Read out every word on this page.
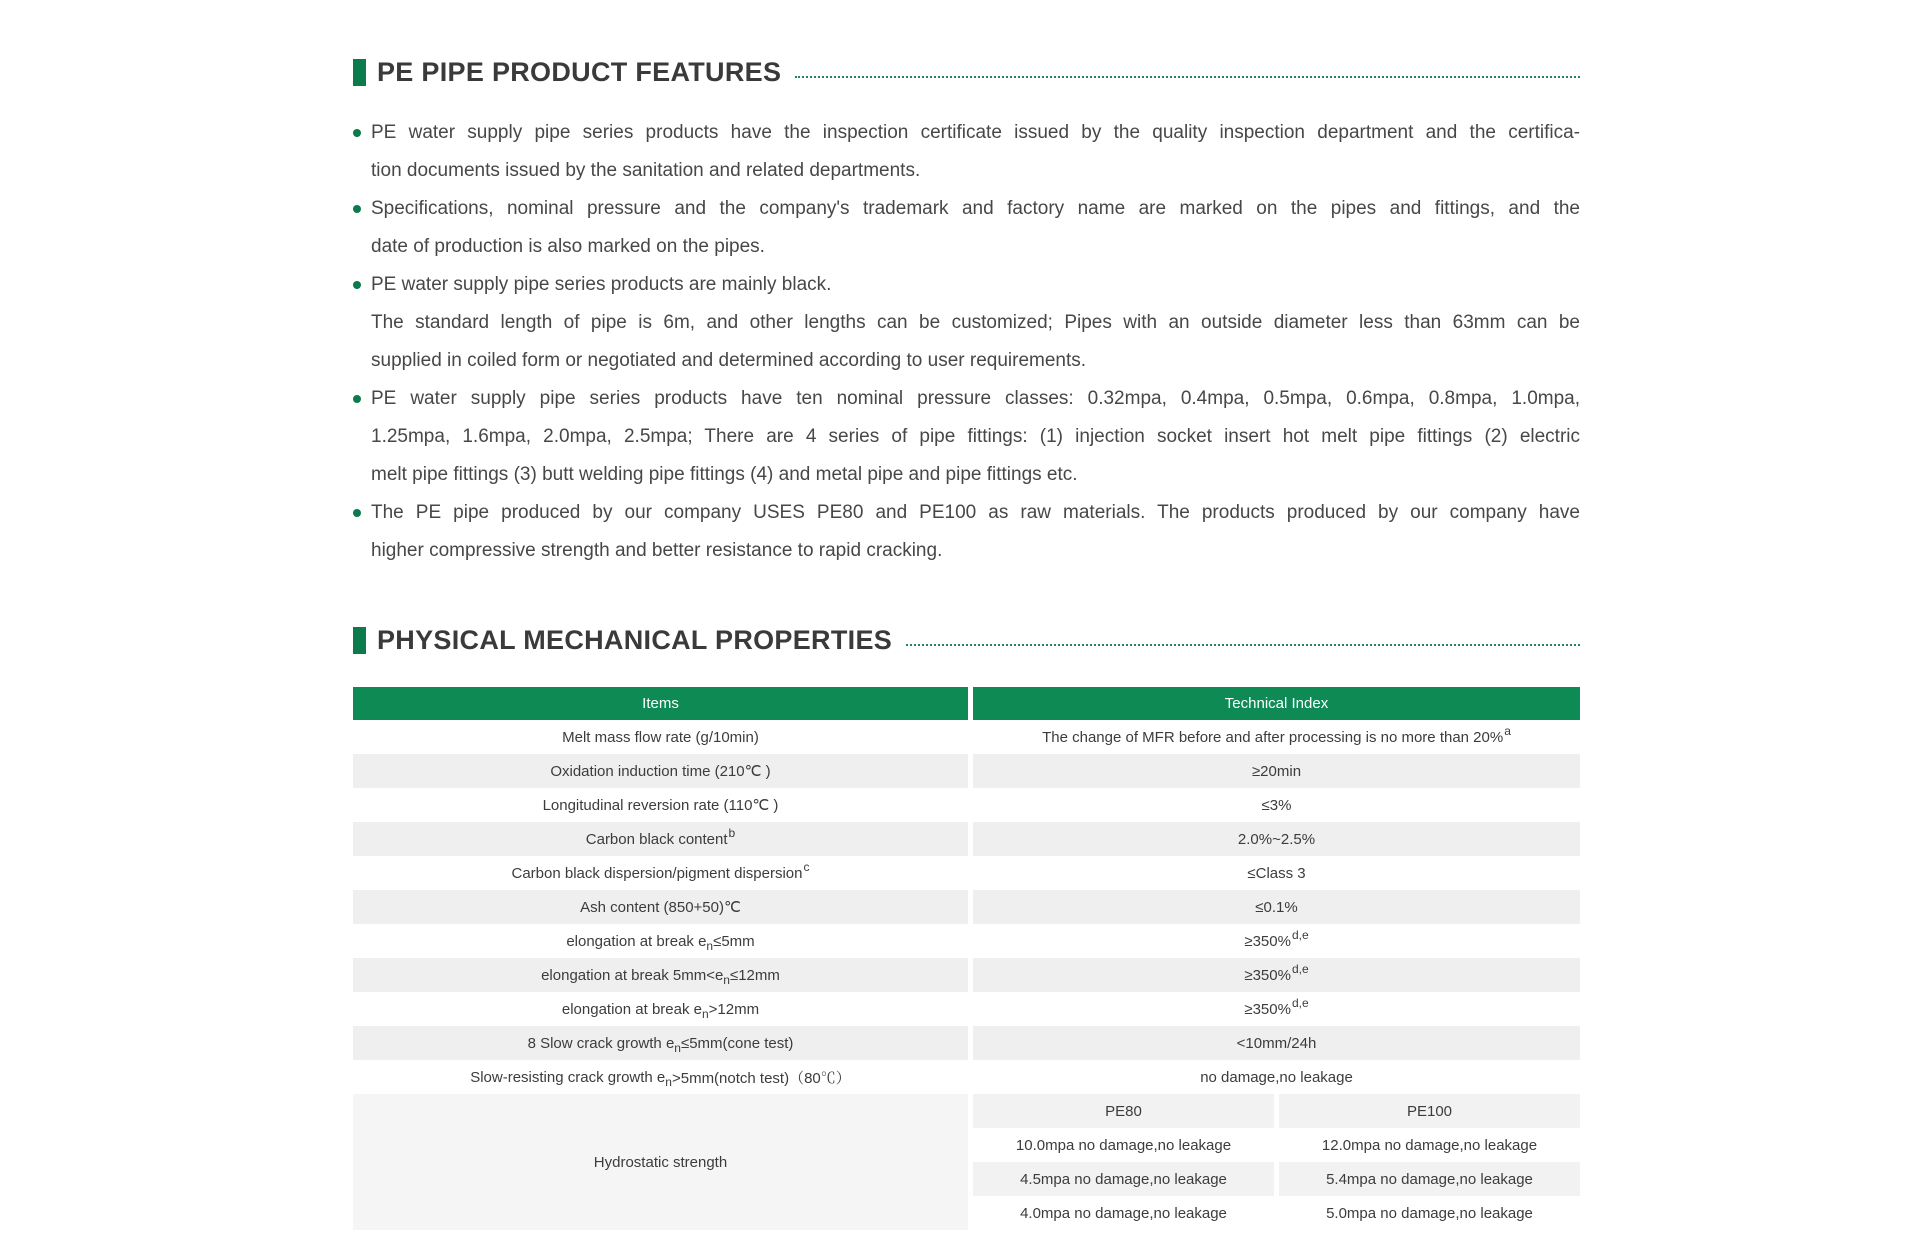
PE PIPE PRODUCT FEATURES
PE water supply pipe series products have the inspection certificate issued by the quality inspection department and the certifica-
tion documents issued by the sanitation and related departments.
Specifications, nominal pressure and the company's trademark and factory name are marked on the pipes and fittings, and the
date of production is also marked on the pipes.
PE water supply pipe series products are mainly black.
The standard length of pipe is 6m, and other lengths can be customized; Pipes with an outside diameter less than 63mm can be
supplied in coiled form or negotiated and determined according to user requirements.
PE water supply pipe series products have ten nominal pressure classes: 0.32mpa, 0.4mpa, 0.5mpa, 0.6mpa, 0.8mpa, 1.0mpa,
1.25mpa, 1.6mpa, 2.0mpa, 2.5mpa; There are 4 series of pipe fittings: (1) injection socket insert hot melt pipe fittings (2) electric
melt pipe fittings (3) butt welding pipe fittings (4) and metal pipe and pipe fittings etc.
The PE pipe produced by our company USES PE80 and PE100 as raw materials. The products produced by our company have
higher compressive strength and better resistance to rapid cracking.
PHYSICAL MECHANICAL PROPERTIES
Items	Technical Index
Melt mass flow rate (g/10min)	The change of MFR before and after processing is no more than 20%$^a$
Oxidation induction time (210℃ )	≥20min
Longitudinal reversion rate (110℃ )	≤3%
Carbon black content$^b$	2.0%~2.5%
Carbon black dispersion/pigment dispersion$^c$	≤Class 3
Ash content (850+50)℃	≤0.1%
elongation at break $e_n \le 5mm$	≥350%$^{d,e}$
elongation at break $5mm<e_n \le 12mm$	≥350%$^{d,e}$
elongation at break $e_n >12mm$	≥350%$^{d,e}$
8 Slow crack growth $e_n$ ≤5mm(cone test)	<10mm/24h
Slow-resisting crack growth $e_n$ >5mm(notch test)（80℃）	no damage,no leakage
Hydrostatic strength
PE80	PE100
10.0mpa no damage,no leakage	12.0mpa no damage,no leakage
4.5mpa no damage,no leakage	5.4mpa no damage,no leakage
4.0mpa no damage,no leakage	5.0mpa no damage,no leakage
